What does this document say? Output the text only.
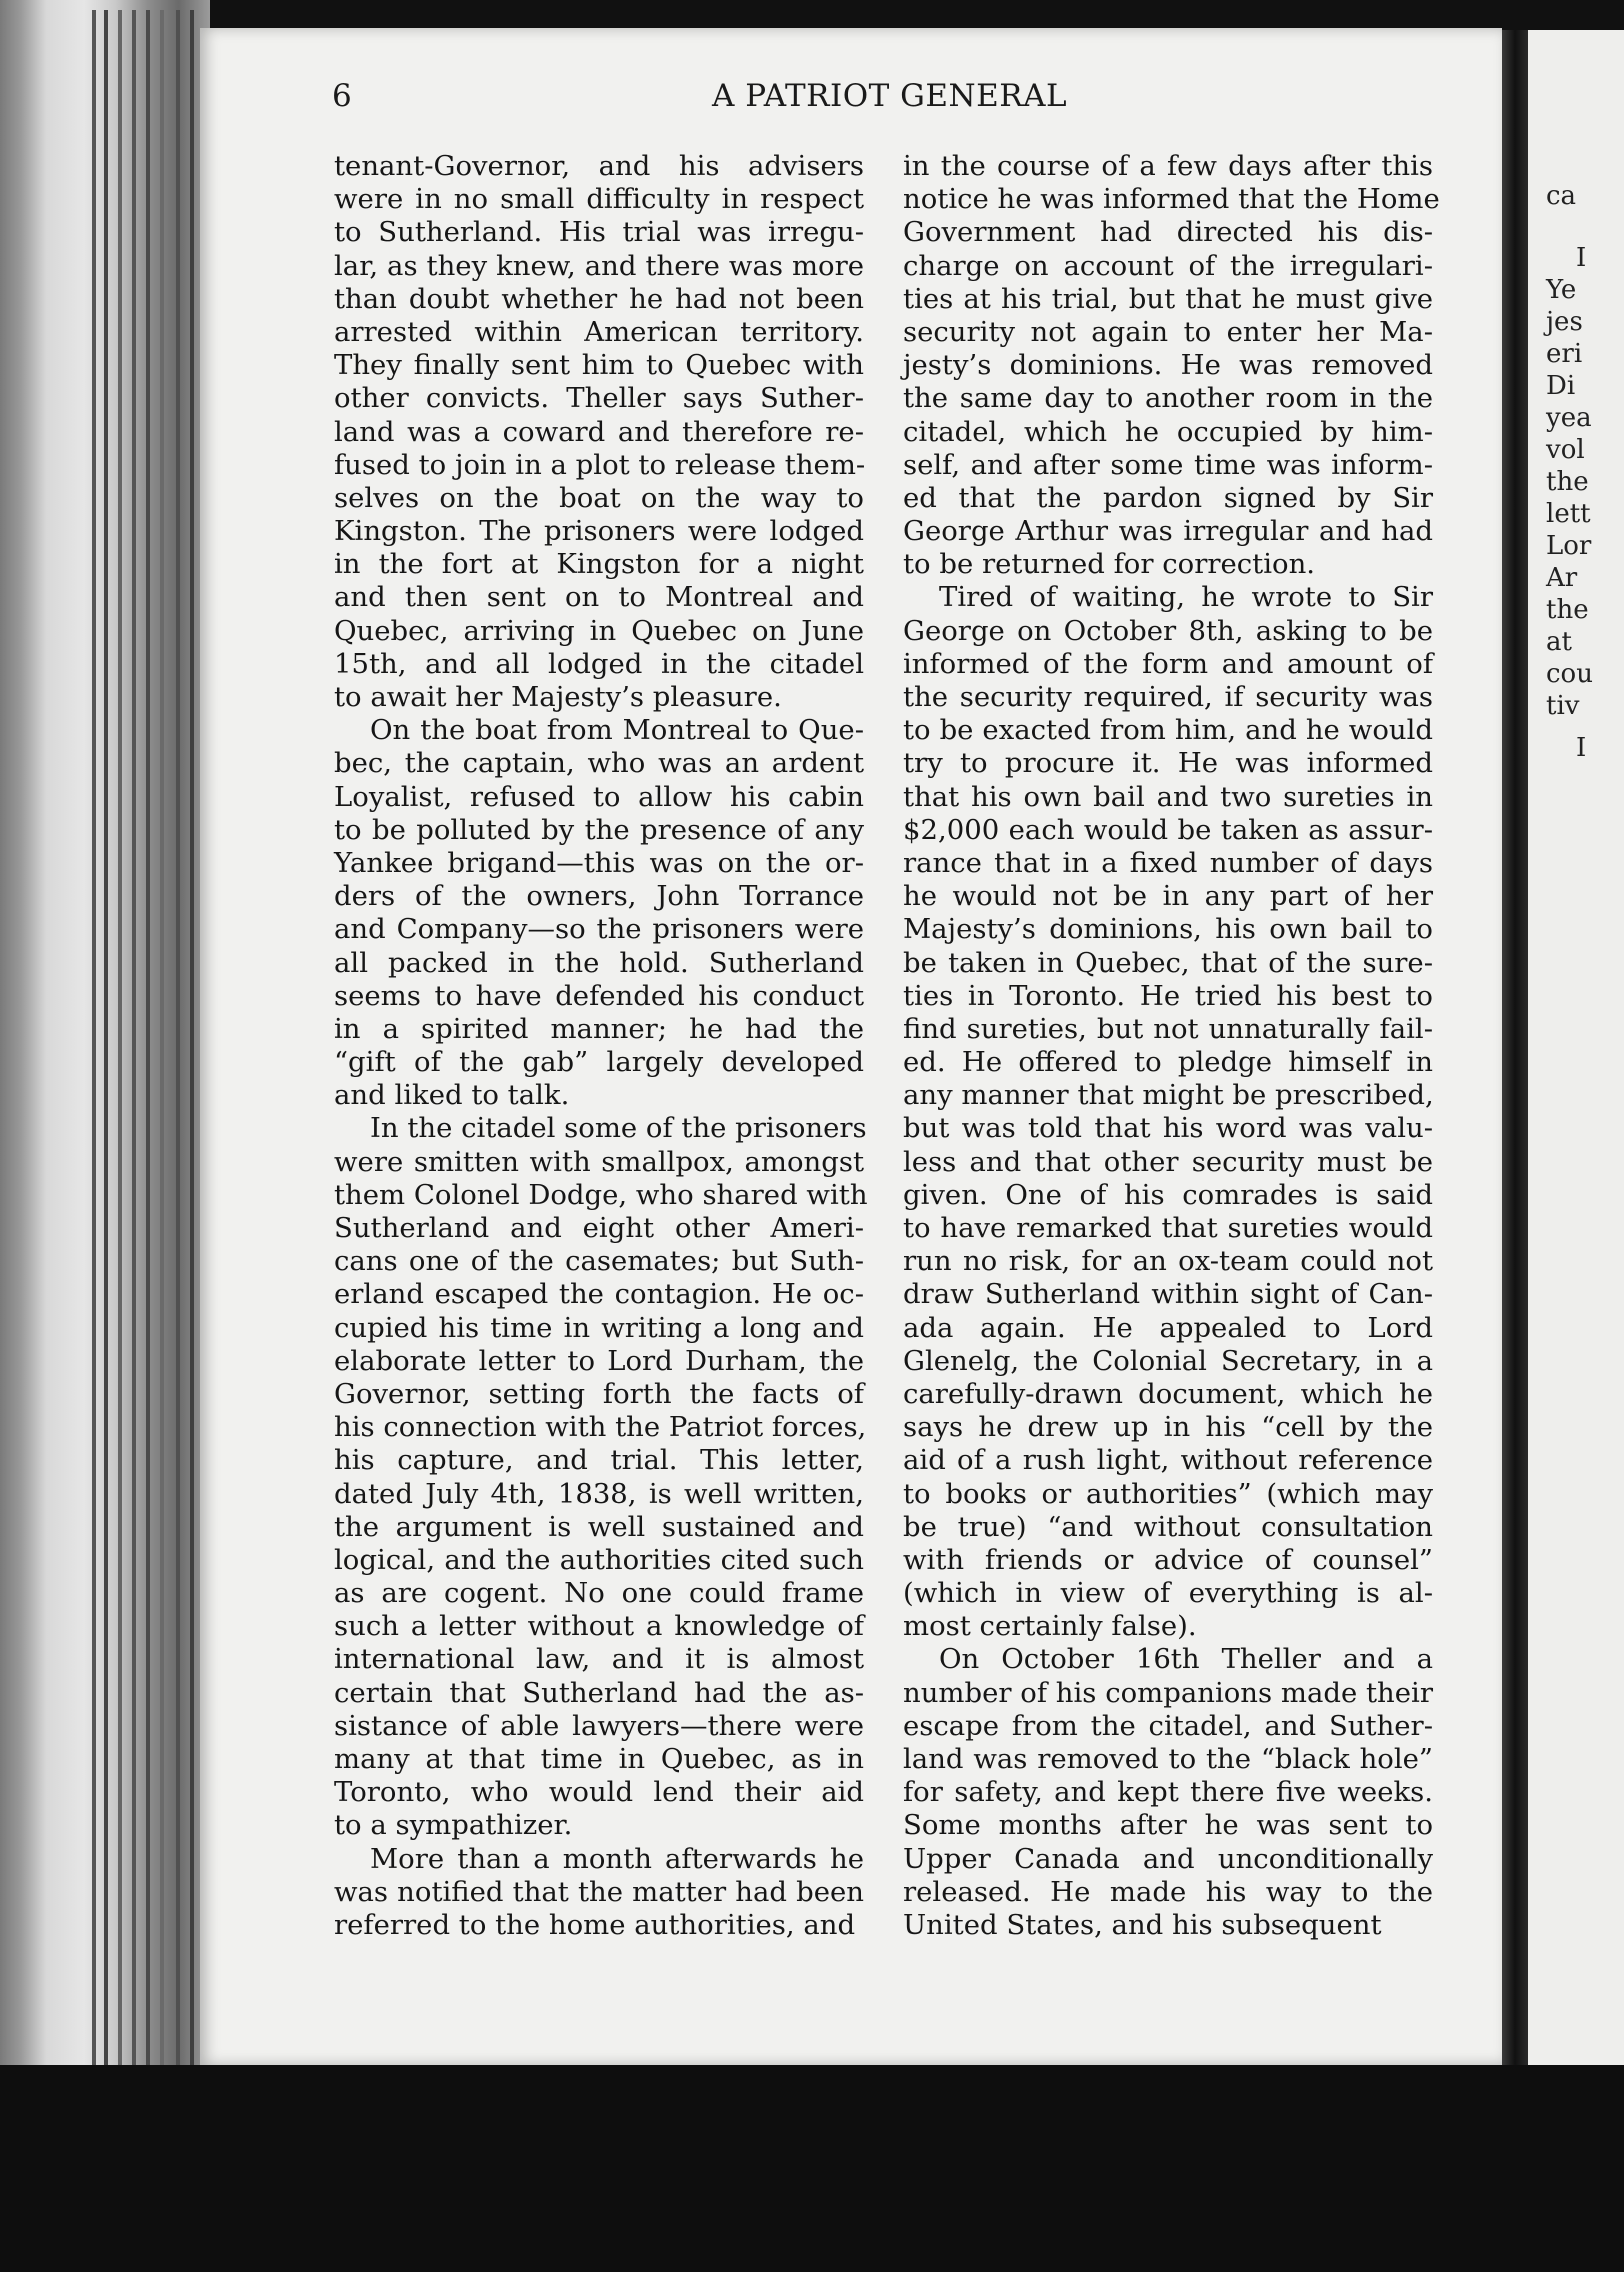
ca
I
Ye
jes
eri
Di
yea
vol
the
lett
Lor
Ar
the
at
cou
tiv
I
6	A PATRIOT GENERAL
tenant-Governor, and his advisers
were in no small difficulty in respect
to Sutherland. His trial was irregu-
lar, as they knew, and there was more
than doubt whether he had not been
arrested within American territory.
They finally sent him to Quebec with
other convicts. Theller says Suther-
land was a coward and therefore re-
fused to join in a plot to release them-
selves on the boat on the way to
Kingston. The prisoners were lodged
in the fort at Kingston for a night
and then sent on to Montreal and
Quebec, arriving in Quebec on June
15th, and all lodged in the citadel
to await her Majesty’s pleasure.
On the boat from Montreal to Que-
bec, the captain, who was an ardent
Loyalist, refused to allow his cabin
to be polluted by the presence of any
Yankee brigand—this was on the or-
ders of the owners, John Torrance
and Company—so the prisoners were
all packed in the hold. Sutherland
seems to have defended his conduct
in a spirited manner; he had the
“gift of the gab” largely developed
and liked to talk.
In the citadel some of the prisoners
were smitten with smallpox, amongst
them Colonel Dodge, who shared with
Sutherland and eight other Ameri-
cans one of the casemates; but Suth-
erland escaped the contagion. He oc-
cupied his time in writing a long and
elaborate letter to Lord Durham, the
Governor, setting forth the facts of
his connection with the Patriot forces,
his capture, and trial. This letter,
dated July 4th, 1838, is well written,
the argument is well sustained and
logical, and the authorities cited such
as are cogent. No one could frame
such a letter without a knowledge of
international law, and it is almost
certain that Sutherland had the as-
sistance of able lawyers—there were
many at that time in Quebec, as in
Toronto, who would lend their aid
to a sympathizer.
More than a month afterwards he
was notified that the matter had been
referred to the home authorities, and
in the course of a few days after this
notice he was informed that the Home
Government had directed his dis-
charge on account of the irregulari-
ties at his trial, but that he must give
security not again to enter her Ma-
jesty’s dominions. He was removed
the same day to another room in the
citadel, which he occupied by him-
self, and after some time was inform-
ed that the pardon signed by Sir
George Arthur was irregular and had
to be returned for correction.
Tired of waiting, he wrote to Sir
George on October 8th, asking to be
informed of the form and amount of
the security required, if security was
to be exacted from him, and he would
try to procure it. He was informed
that his own bail and two sureties in
$2,000 each would be taken as assur-
rance that in a fixed number of days
he would not be in any part of her
Majesty’s dominions, his own bail to
be taken in Quebec, that of the sure-
ties in Toronto. He tried his best to
find sureties, but not unnaturally fail-
ed. He offered to pledge himself in
any manner that might be prescribed,
but was told that his word was valu-
less and that other security must be
given. One of his comrades is said
to have remarked that sureties would
run no risk, for an ox-team could not
draw Sutherland within sight of Can-
ada again. He appealed to Lord
Glenelg, the Colonial Secretary, in a
carefully-drawn document, which he
says he drew up in his “cell by the
aid of a rush light, without reference
to books or authorities” (which may
be true) “and without consultation
with friends or advice of counsel”
(which in view of everything is al-
most certainly false).
On October 16th Theller and a
number of his companions made their
escape from the citadel, and Suther-
land was removed to the “black hole”
for safety, and kept there five weeks.
Some months after he was sent to
Upper Canada and unconditionally
released. He made his way to the
United States, and his subsequent
